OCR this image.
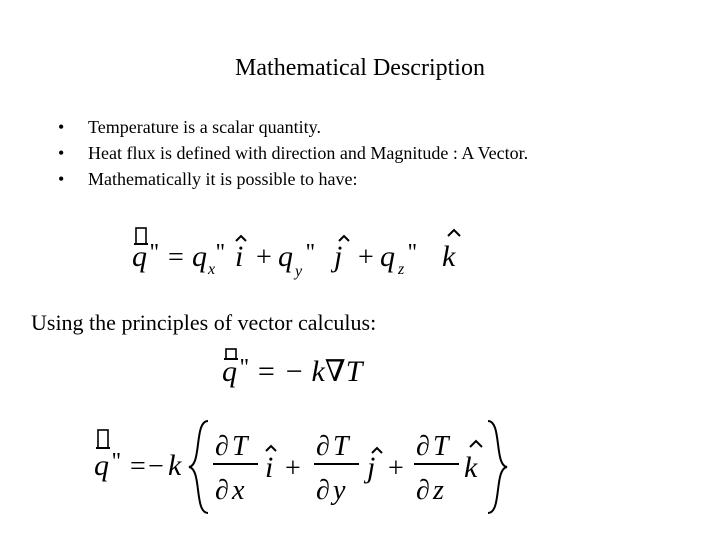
Mathematical Description
• Temperature is a scalar quantity.
• Heat flux is defined with direction and Magnitude : A Vector.
• Mathematically it is possible to have:
q '' = q x
'' i + q y
'' j + q z
'' k
Using the principles of vector calculus:
q '' = − k∇T
q '' = − k
∂ T
∂ x
i +
∂ T
∂ y
j +
∂ T
∂ z
k
